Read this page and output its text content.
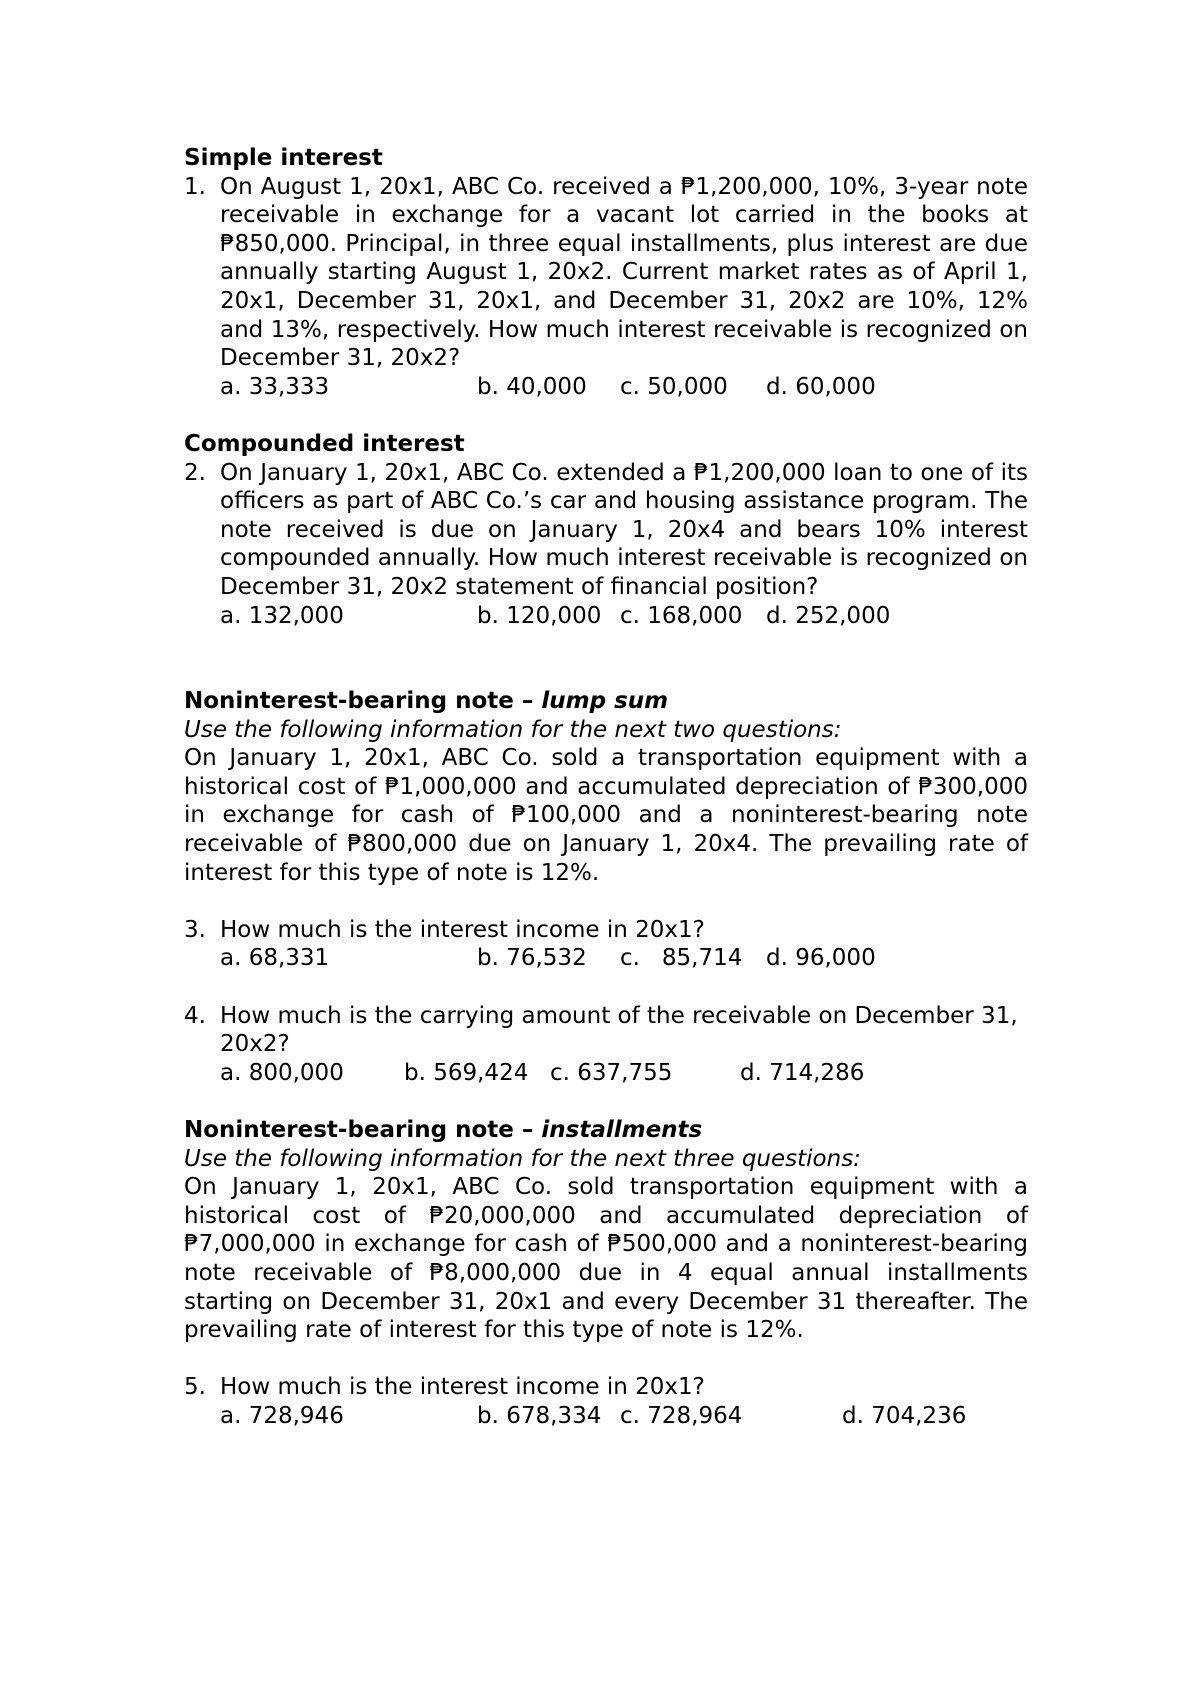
Simple interest
1. On August 1, 20x1, ABC Co. received a ₱1,200,000, 10%, 3-year note receivable in exchange for a vacant lot carried in the books at ₱850,000. Principal, in three equal installments, plus interest are due annually starting August 1, 20x2. Current market rates as of April 1, 20x1, December 31, 20x1, and December 31, 20x2 are 10%, 12% and 13%, respectively. How much interest receivable is recognized on December 31, 20x2?
a. 33,333	b. 40,000 c. 50,000 d. 60,000
Compounded interest
2. On January 1, 20x1, ABC Co. extended a ₱1,200,000 loan to one of its officers as part of ABC Co.’s car and housing assistance program. The note received is due on January 1, 20x4 and bears 10% interest compounded annually. How much interest receivable is recognized on December 31, 20x2 statement of financial position?
a. 132,000	b. 120,000 c. 168,000 d. 252,000
Noninterest-bearing note – lump sum
Use the following information for the next two questions:
On January 1, 20x1, ABC Co. sold a transportation equipment with a historical cost of ₱1,000,000 and accumulated depreciation of ₱300,000 in exchange for cash of ₱100,000 and a noninterest-bearing note receivable of ₱800,000 due on January 1, 20x4. The prevailing rate of interest for this type of note is 12%.
3. How much is the interest income in 20x1?
a. 68,331	b. 76,532 c.   85,714 d. 96,000
4. How much is the carrying amount of the receivable on December 31, 20x2?
a. 800,000	b. 569,424 c. 637,755	d. 714,286
Noninterest-bearing note – installments
Use the following information for the next three questions:
On January 1, 20x1, ABC Co. sold transportation equipment with a historical cost of ₱20,000,000 and accumulated depreciation of ₱7,000,000 in exchange for cash of ₱500,000 and a noninterest-bearing note receivable of ₱8,000,000 due in 4 equal annual installments starting on December 31, 20x1 and every December 31 thereafter. The prevailing rate of interest for this type of note is 12%.
5. How much is the interest income in 20x1?
a. 728,946	b. 678,334 c. 728,964	d. 704,236
